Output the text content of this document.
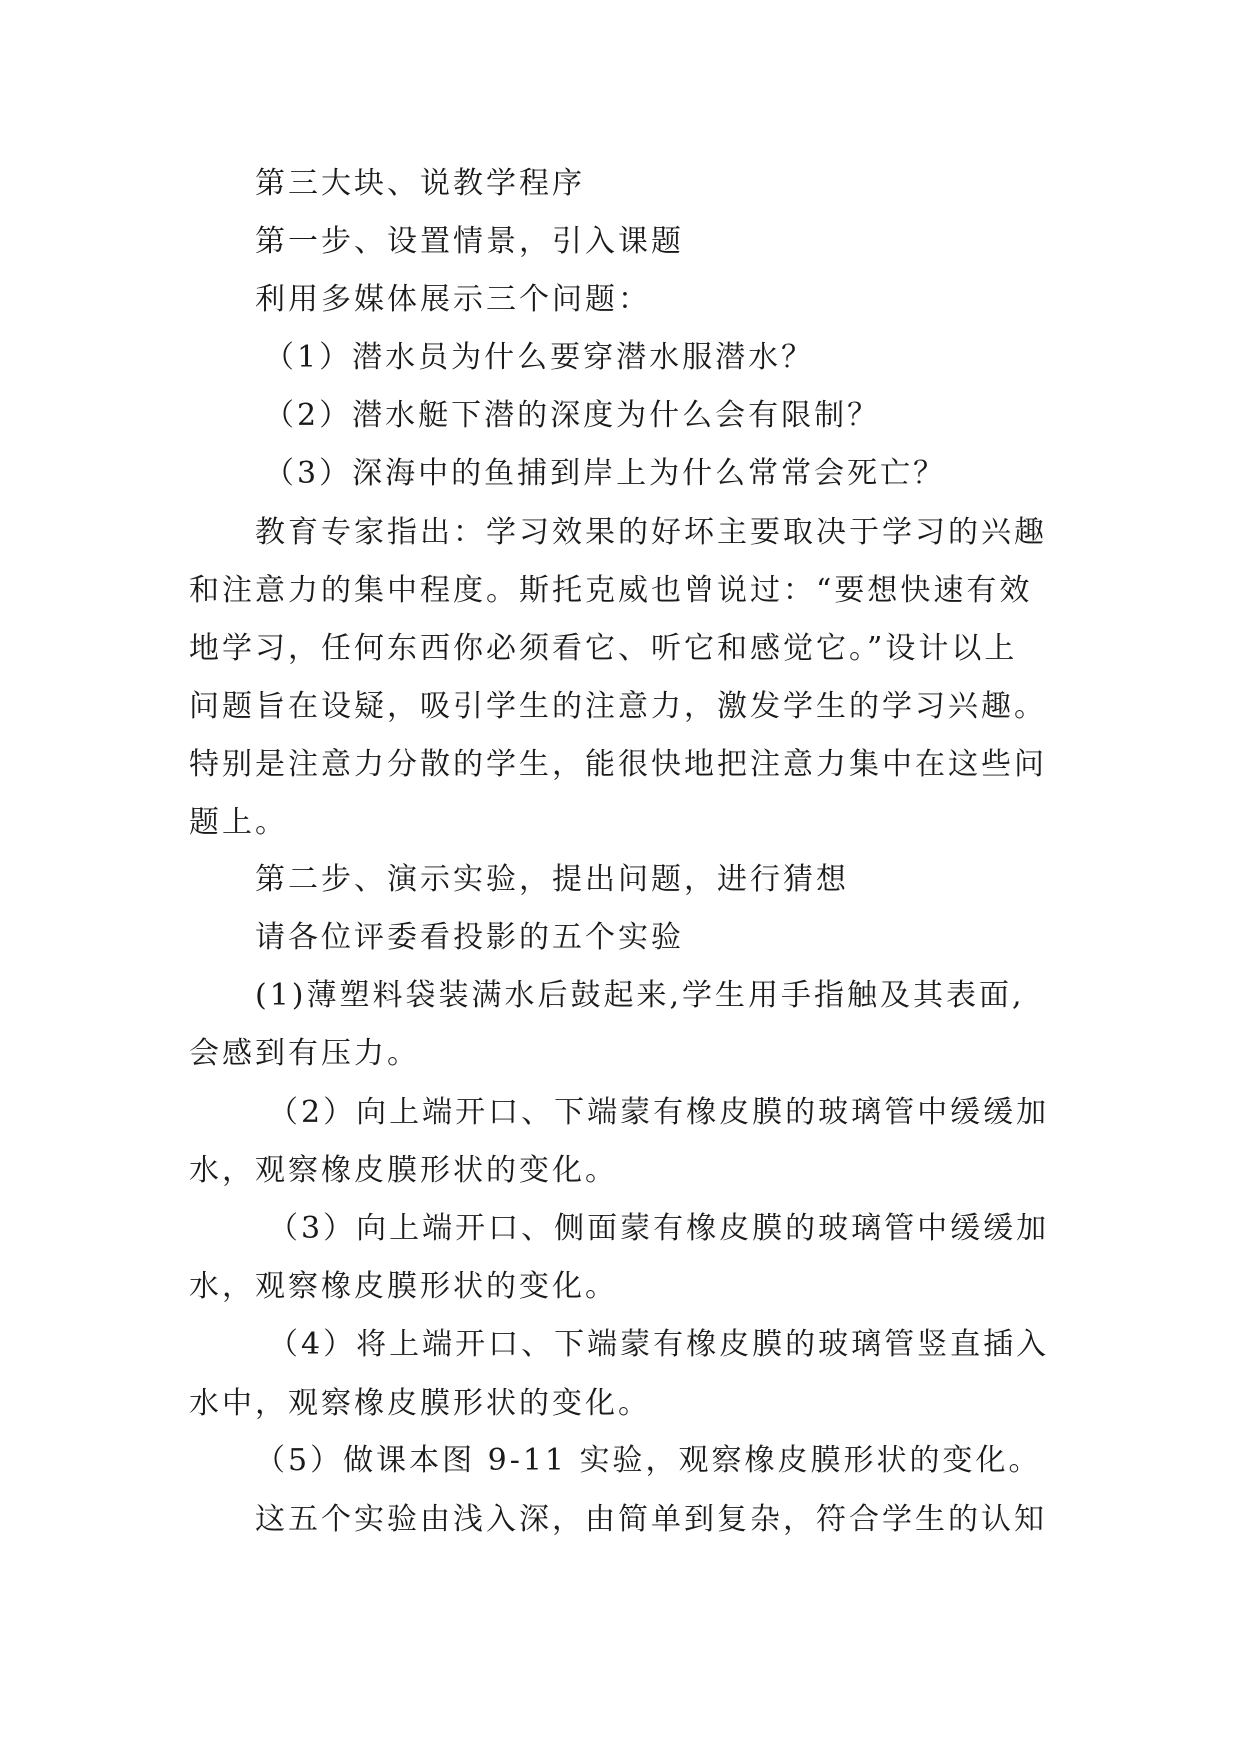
第三大块、说教学程序
第一步、设置情景，引入课题
利用多媒体展示三个问题：
（1）潜水员为什么要穿潜水服潜水？
（2）潜水艇下潜的深度为什么会有限制？
（3）深海中的鱼捕到岸上为什么常常会死亡？
教育专家指出：学习效果的好坏主要取决于学习的兴趣
和注意力的集中程度。斯托克威也曾说过：“要想快速有效
地学习，任何东西你必须看它、听它和感觉它。”设计以上
问题旨在设疑，吸引学生的注意力，激发学生的学习兴趣。
特别是注意力分散的学生，能很快地把注意力集中在这些问
题上。
第二步、演示实验，提出问题，进行猜想
请各位评委看投影的五个实验
(1)薄塑料袋装满水后鼓起来,学生用手指触及其表面,
会感到有压力。
（2）向上端开口、下端蒙有橡皮膜的玻璃管中缓缓加
水，观察橡皮膜形状的变化。
（3）向上端开口、侧面蒙有橡皮膜的玻璃管中缓缓加
水，观察橡皮膜形状的变化。
（4）将上端开口、下端蒙有橡皮膜的玻璃管竖直插入
水中，观察橡皮膜形状的变化。
（5）做课本图 9-11 实验，观察橡皮膜形状的变化。
这五个实验由浅入深，由简单到复杂，符合学生的认知
